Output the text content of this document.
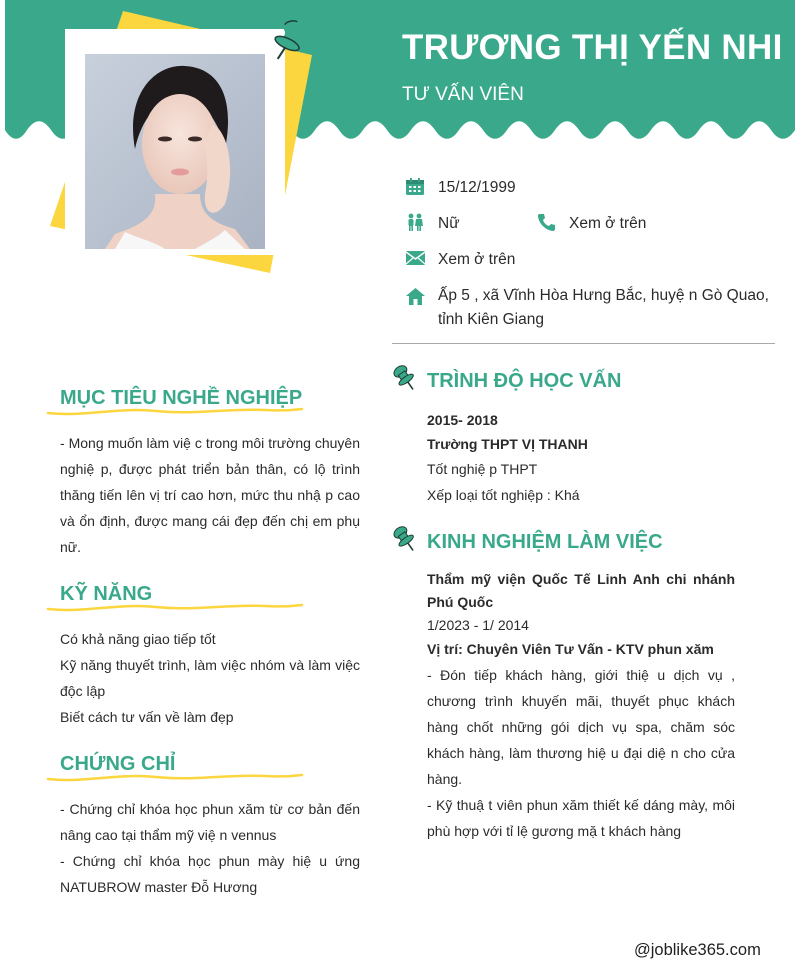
TRƯƠNG THỊ YẾN NHI
TƯ VẤN VIÊN
15/12/1999
Nữ	Xem ở trên
Xem ở trên
Ấp 5 , xã Vĩnh Hòa Hưng Bắc, huyệ n Gò Quao, tỉnh Kiên Giang
MỤC TIÊU NGHỀ NGHIỆP
- Mong muốn làm việ c trong môi trường chuyên nghiệ p, được phát triển bản thân, có lộ trình thăng tiến lên vị trí cao hơn, mức thu nhậ p cao và ổn định, được mang cái đẹp đến chị em phụ nữ.
KỸ NĂNG

Có khả năng giao tiếp tốt

Kỹ năng thuyết trình, làm việc nhóm và làm việc độc lập

Biết cách tư vấn về làm đẹp

CHỨNG CHỈ

- Chứng chỉ khóa học phun xăm từ cơ bản đến nâng cao tại thẩm mỹ việ n vennus

- Chứng chỉ khóa học phun mày hiệ u ứng NATUBROW master Đỗ Hương

TRÌNH ĐỘ HỌC VẤN
2015- 2018
Trường THPT VỊ THANH
Tốt nghiệ p THPT
Xếp loại tốt nghiệp : Khá
KINH NGHIỆM LÀM VIỆC
Thẩm mỹ viện Quốc Tế Linh Anh chi nhánh Phú Quốc
1/2023 - 1/ 2014
Vị trí: Chuyên Viên Tư Vấn - KTV phun xăm
- Đón tiếp khách hàng, giới thiệ u dịch vụ , chương trình khuyến mãi, thuyết phục khách hàng chốt những gói dịch vụ spa, chăm sóc khách hàng, làm thương hiệ u đại diệ n cho cửa hàng.
- Kỹ thuậ t viên phun xăm thiết kế dáng mày, môi phù hợp với tỉ lệ gương mặ t khách hàng
@joblike365.com
